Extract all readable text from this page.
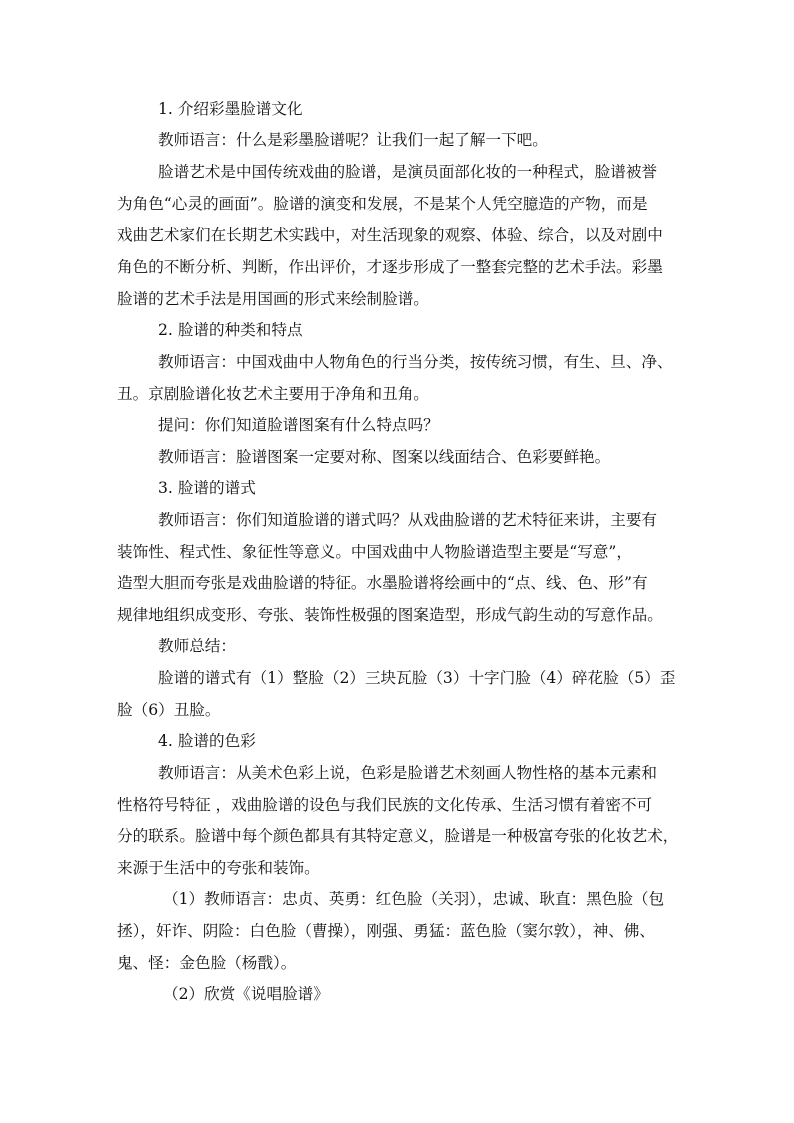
1. 介绍彩墨脸谱文化

教师语言：什么是彩墨脸谱呢？让我们一起了解一下吧。

脸谱艺术是中国传统戏曲的脸谱，是演员面部化妆的一种程式，脸谱被誉

为角色“心灵的画面”。脸谱的演变和发展，不是某个人凭空臆造的产物，而是

戏曲艺术家们在长期艺术实践中，对生活现象的观察、体验、综合，以及对剧中

角色的不断分析、判断，作出评价，才逐步形成了一整套完整的艺术手法。彩墨

脸谱的艺术手法是用国画的形式来绘制脸谱。

2. 脸谱的种类和特点

教师语言：中国戏曲中人物角色的行当分类，按传统习惯，有生、旦、净、

丑。京剧脸谱化妆艺术主要用于净角和丑角。

提问：你们知道脸谱图案有什么特点吗？

教师语言：脸谱图案一定要对称、图案以线面结合、色彩要鲜艳。

3. 脸谱的谱式

教师语言：你们知道脸谱的谱式吗？从戏曲脸谱的艺术特征来讲，主要有

装饰性、程式性、象征性等意义。中国戏曲中人物脸谱造型主要是“写意”，

造型大胆而夸张是戏曲脸谱的特征。水墨脸谱将绘画中的“点、线、色、形”有

规律地组织成变形、夸张、装饰性极强的图案造型，形成气韵生动的写意作品。

教师总结：

脸谱的谱式有（1）整脸（2）三块瓦脸（3）十字门脸（4）碎花脸（5）歪

脸（6）丑脸。

4. 脸谱的色彩

教师语言：从美术色彩上说，色彩是脸谱艺术刻画人物性格的基本元素和

性格符号特征 ，戏曲脸谱的设色与我们民族的文化传承、生活习惯有着密不可

分的联系。脸谱中每个颜色都具有其特定意义，脸谱是一种极富夸张的化妆艺术，

来源于生活中的夸张和装饰。

（1）教师语言：忠贞、英勇：红色脸（关羽），忠诚、耿直：黑色脸（包

拯），奸诈、阴险：白色脸（曹操），刚强、勇猛：蓝色脸（窦尔敦），神、佛、

鬼、怪：金色脸（杨戬）。

（2）欣赏《说唱脸谱》
